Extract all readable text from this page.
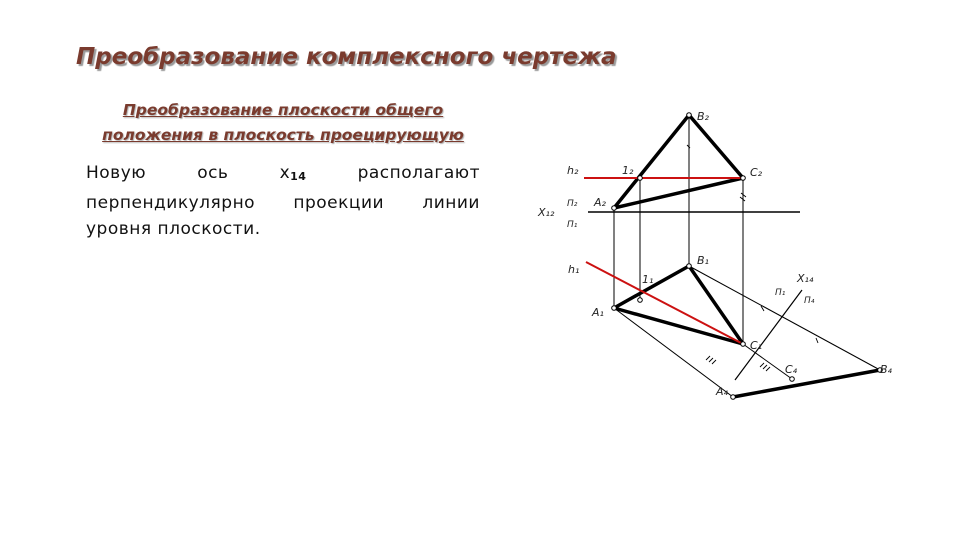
Преобразование комплексного чертежа
Преобразование плоскости общего
положения в плоскость проецирующую
Новую	ось	x14	располагают
перпендикулярно проекции линии
уровня плоскости.
B₂
C₂
A₂
1₂
h₂
X₁₂
П₂
П₁
B₁
C₁
A₁
1₁
h₁
X₁₄
П₁
П₄
A₄
C₄	B₄
